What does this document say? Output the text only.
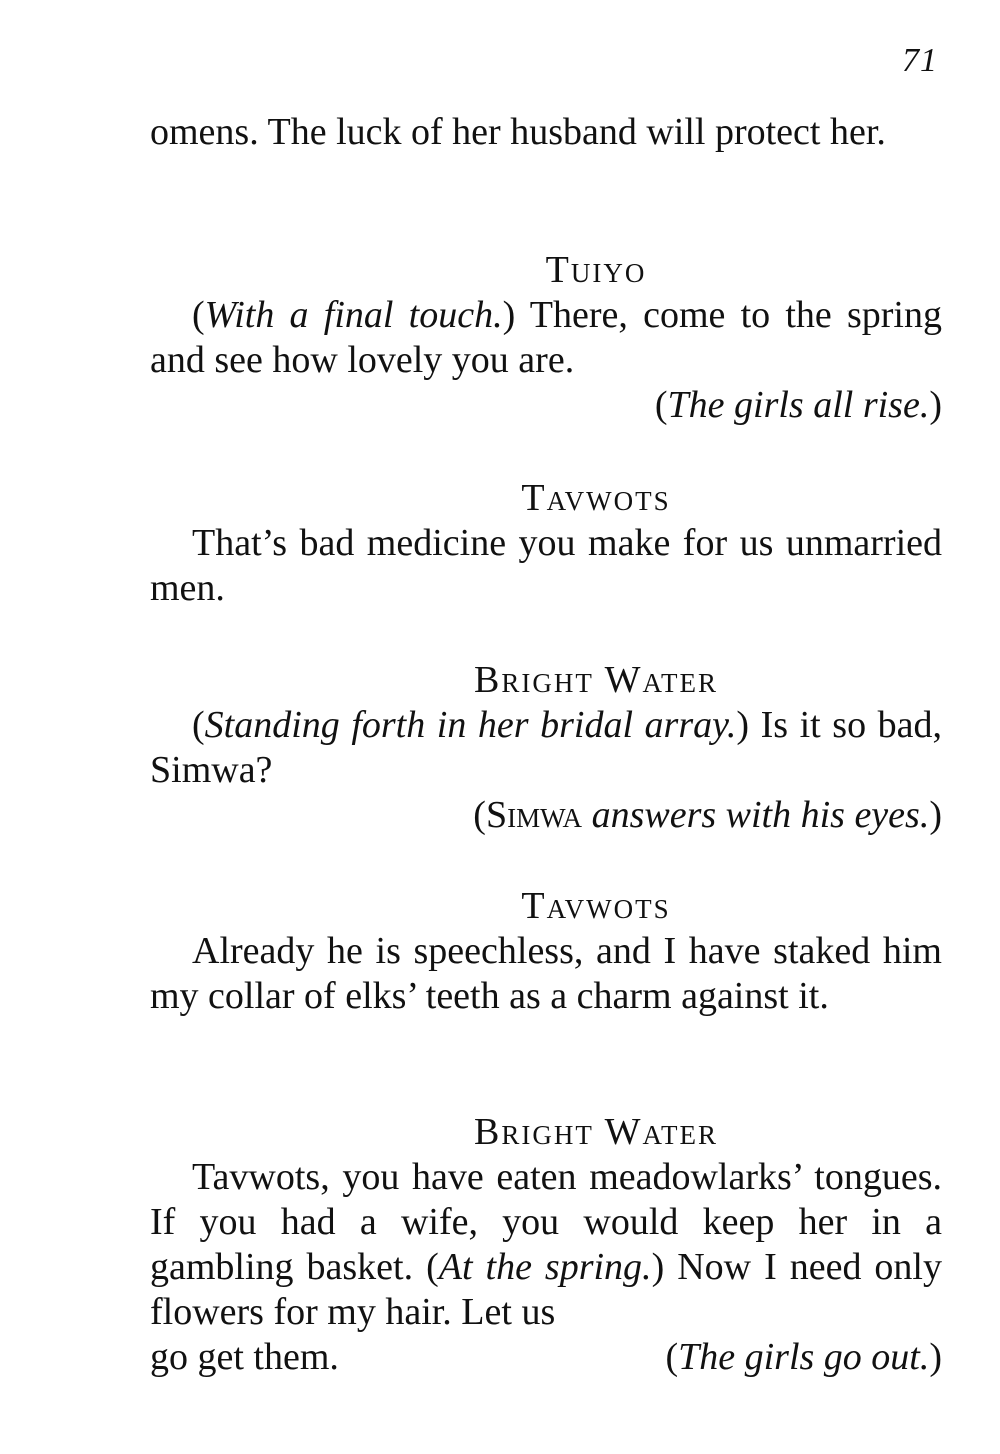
71

omens. The luck of her husband will protect her.

Tuiyo

(With a final touch.) There, come to the spring and see how lovely you are.

(The girls all rise.)

Tavwots

That’s bad medicine you make for us unmarried men.

Bright Water

(Standing forth in her bridal array.) Is it so bad, Simwa?

(Simwa answers with his eyes.)

Tavwots

Already he is speechless, and I have staked him my collar of elks’ teeth as a charm against it.

Bright Water

Tavwots, you have eaten meadowlarks’ tongues. If you had a wife, you would keep her in a gambling basket. (At the spring.) Now I need only flowers for my hair. Let us

go get them.	(The girls go out.)
